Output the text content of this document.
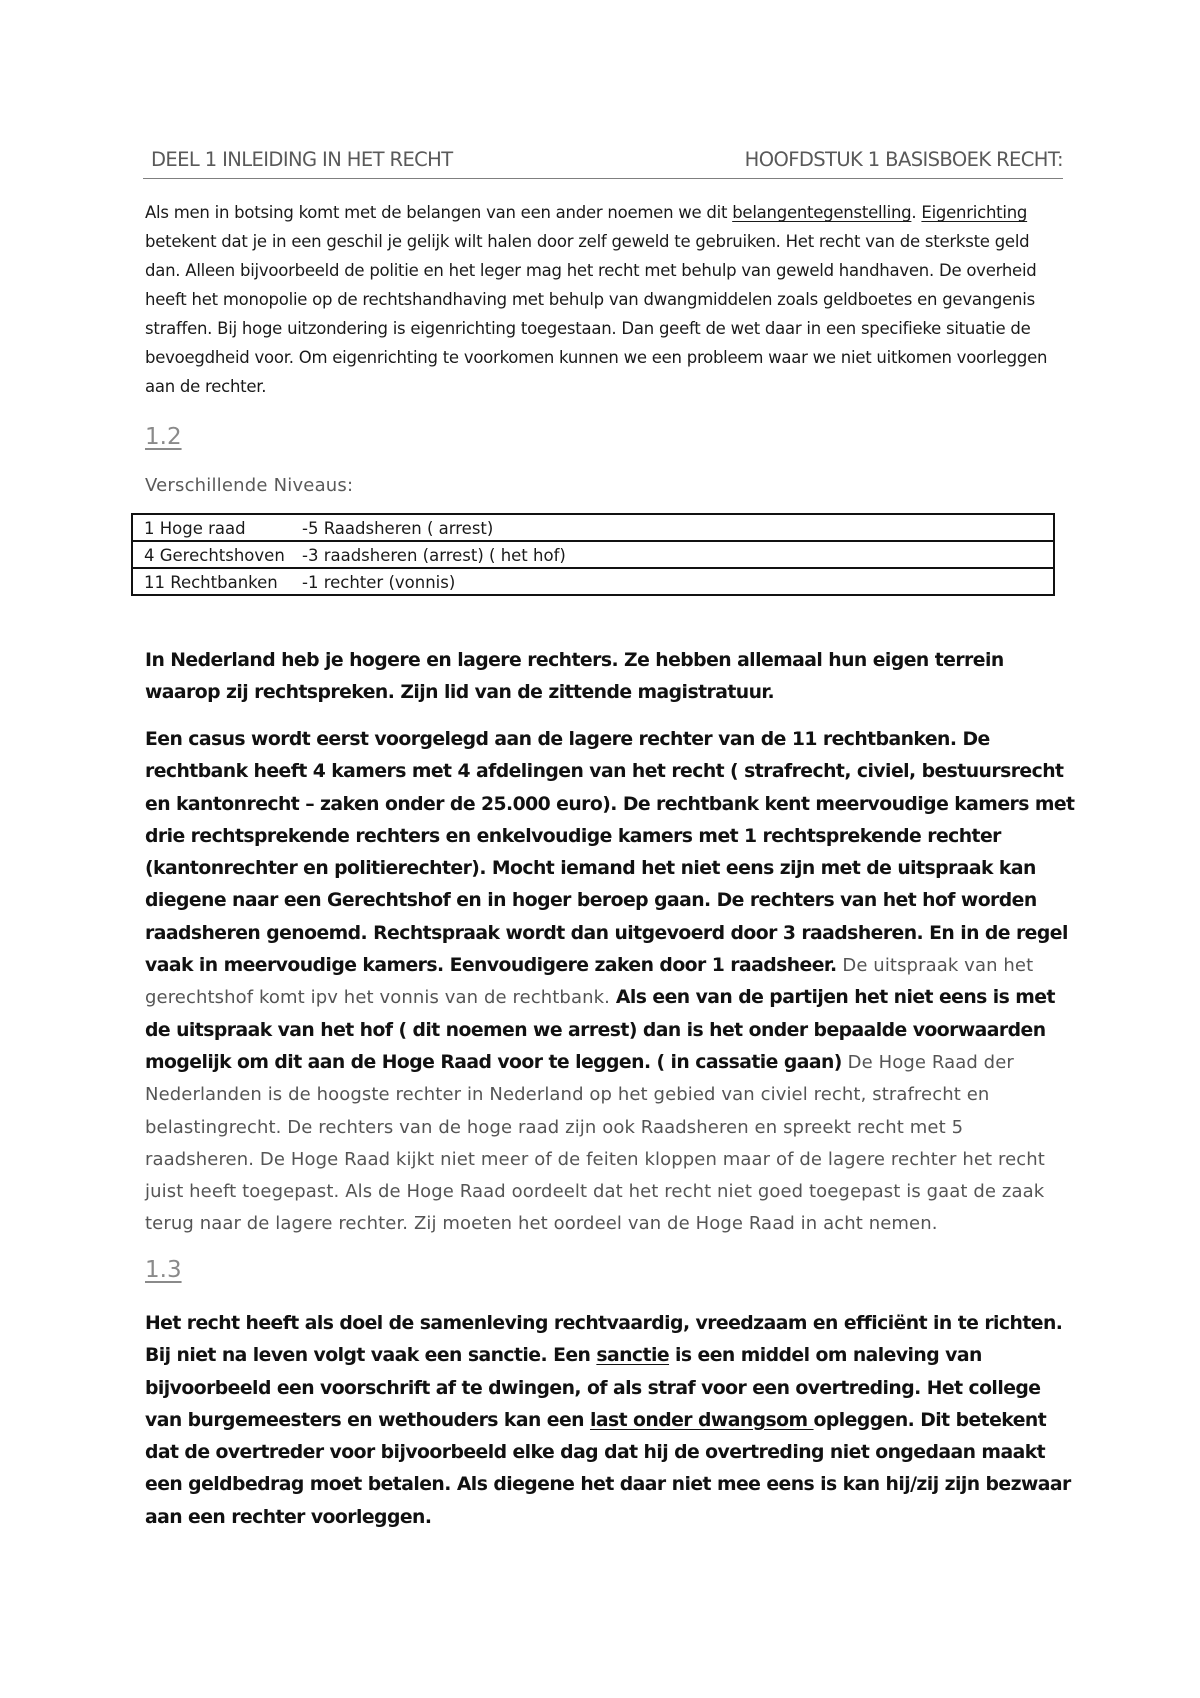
DEEL 1 INLEIDING IN HET RECHT	HOOFDSTUK 1 BASISBOEK RECHT:

Als men in botsing komt met de belangen van een ander noemen we dit belangentegenstelling. Eigenrichting betekent dat je in een geschil je gelijk wilt halen door zelf geweld te gebruiken. Het recht van de sterkste geld dan. Alleen bijvoorbeeld de politie en het leger mag het recht met behulp van geweld handhaven. De overheid heeft het monopolie op de rechtshandhaving met behulp van dwangmiddelen zoals geldboetes en gevangenis straffen. Bij hoge uitzondering is eigenrichting toegestaan. Dan geeft de wet daar in een specifieke situatie de bevoegdheid voor. Om eigenrichting te voorkomen kunnen we een probleem waar we niet uitkomen voorleggen aan de rechter.

1.2
Verschillende Niveaus:
1 Hoge raad	-5 Raadsheren ( arrest)
4 Gerechtshoven -3 raadsheren (arrest) ( het hof)
11 Rechtbanken -1 rechter (vonnis)

In Nederland heb je hogere en lagere rechters. Ze hebben allemaal hun eigen terrein waarop zij rechtspreken. Zijn lid van de zittende magistratuur.

Een casus wordt eerst voorgelegd aan de lagere rechter van de 11 rechtbanken. De rechtbank heeft 4 kamers met 4 afdelingen van het recht ( strafrecht, civiel, bestuursrecht en kantonrecht – zaken onder de 25.000 euro). De rechtbank kent meervoudige kamers met drie rechtsprekende rechters en enkelvoudige kamers met 1 rechtsprekende rechter (kantonrechter en politierechter). Mocht iemand het niet eens zijn met de uitspraak kan diegene naar een Gerechtshof en in hoger beroep gaan. De rechters van het hof worden raadsheren genoemd. Rechtspraak wordt dan uitgevoerd door 3 raadsheren. En in de regel vaak in meervoudige kamers. Eenvoudigere zaken door 1 raadsheer. De uitspraak van het gerechtshof komt ipv het vonnis van de rechtbank. Als een van de partijen het niet eens is met de uitspraak van het hof ( dit noemen we arrest) dan is het onder bepaalde voorwaarden mogelijk om dit aan de Hoge Raad voor te leggen. ( in cassatie gaan) De Hoge Raad der Nederlanden is de hoogste rechter in Nederland op het gebied van civiel recht, strafrecht en belastingrecht. De rechters van de hoge raad zijn ook Raadsheren en spreekt recht met 5 raadsheren. De Hoge Raad kijkt niet meer of de feiten kloppen maar of de lagere rechter het recht juist heeft toegepast. Als de Hoge Raad oordeelt dat het recht niet goed toegepast is gaat de zaak terug naar de lagere rechter. Zij moeten het oordeel van de Hoge Raad in acht nemen.

1.3

Het recht heeft als doel de samenleving rechtvaardig, vreedzaam en efficiënt in te richten. Bij niet na leven volgt vaak een sanctie. Een sanctie is een middel om naleving van bijvoorbeeld een voorschrift af te dwingen, of als straf voor een overtreding. Het college van burgemeesters en wethouders kan een last onder dwangsom opleggen. Dit betekent dat de overtreder voor bijvoorbeeld elke dag dat hij de overtreding niet ongedaan maakt een geldbedrag moet betalen. Als diegene het daar niet mee eens is kan hij/zij zijn bezwaar aan een rechter voorleggen.
